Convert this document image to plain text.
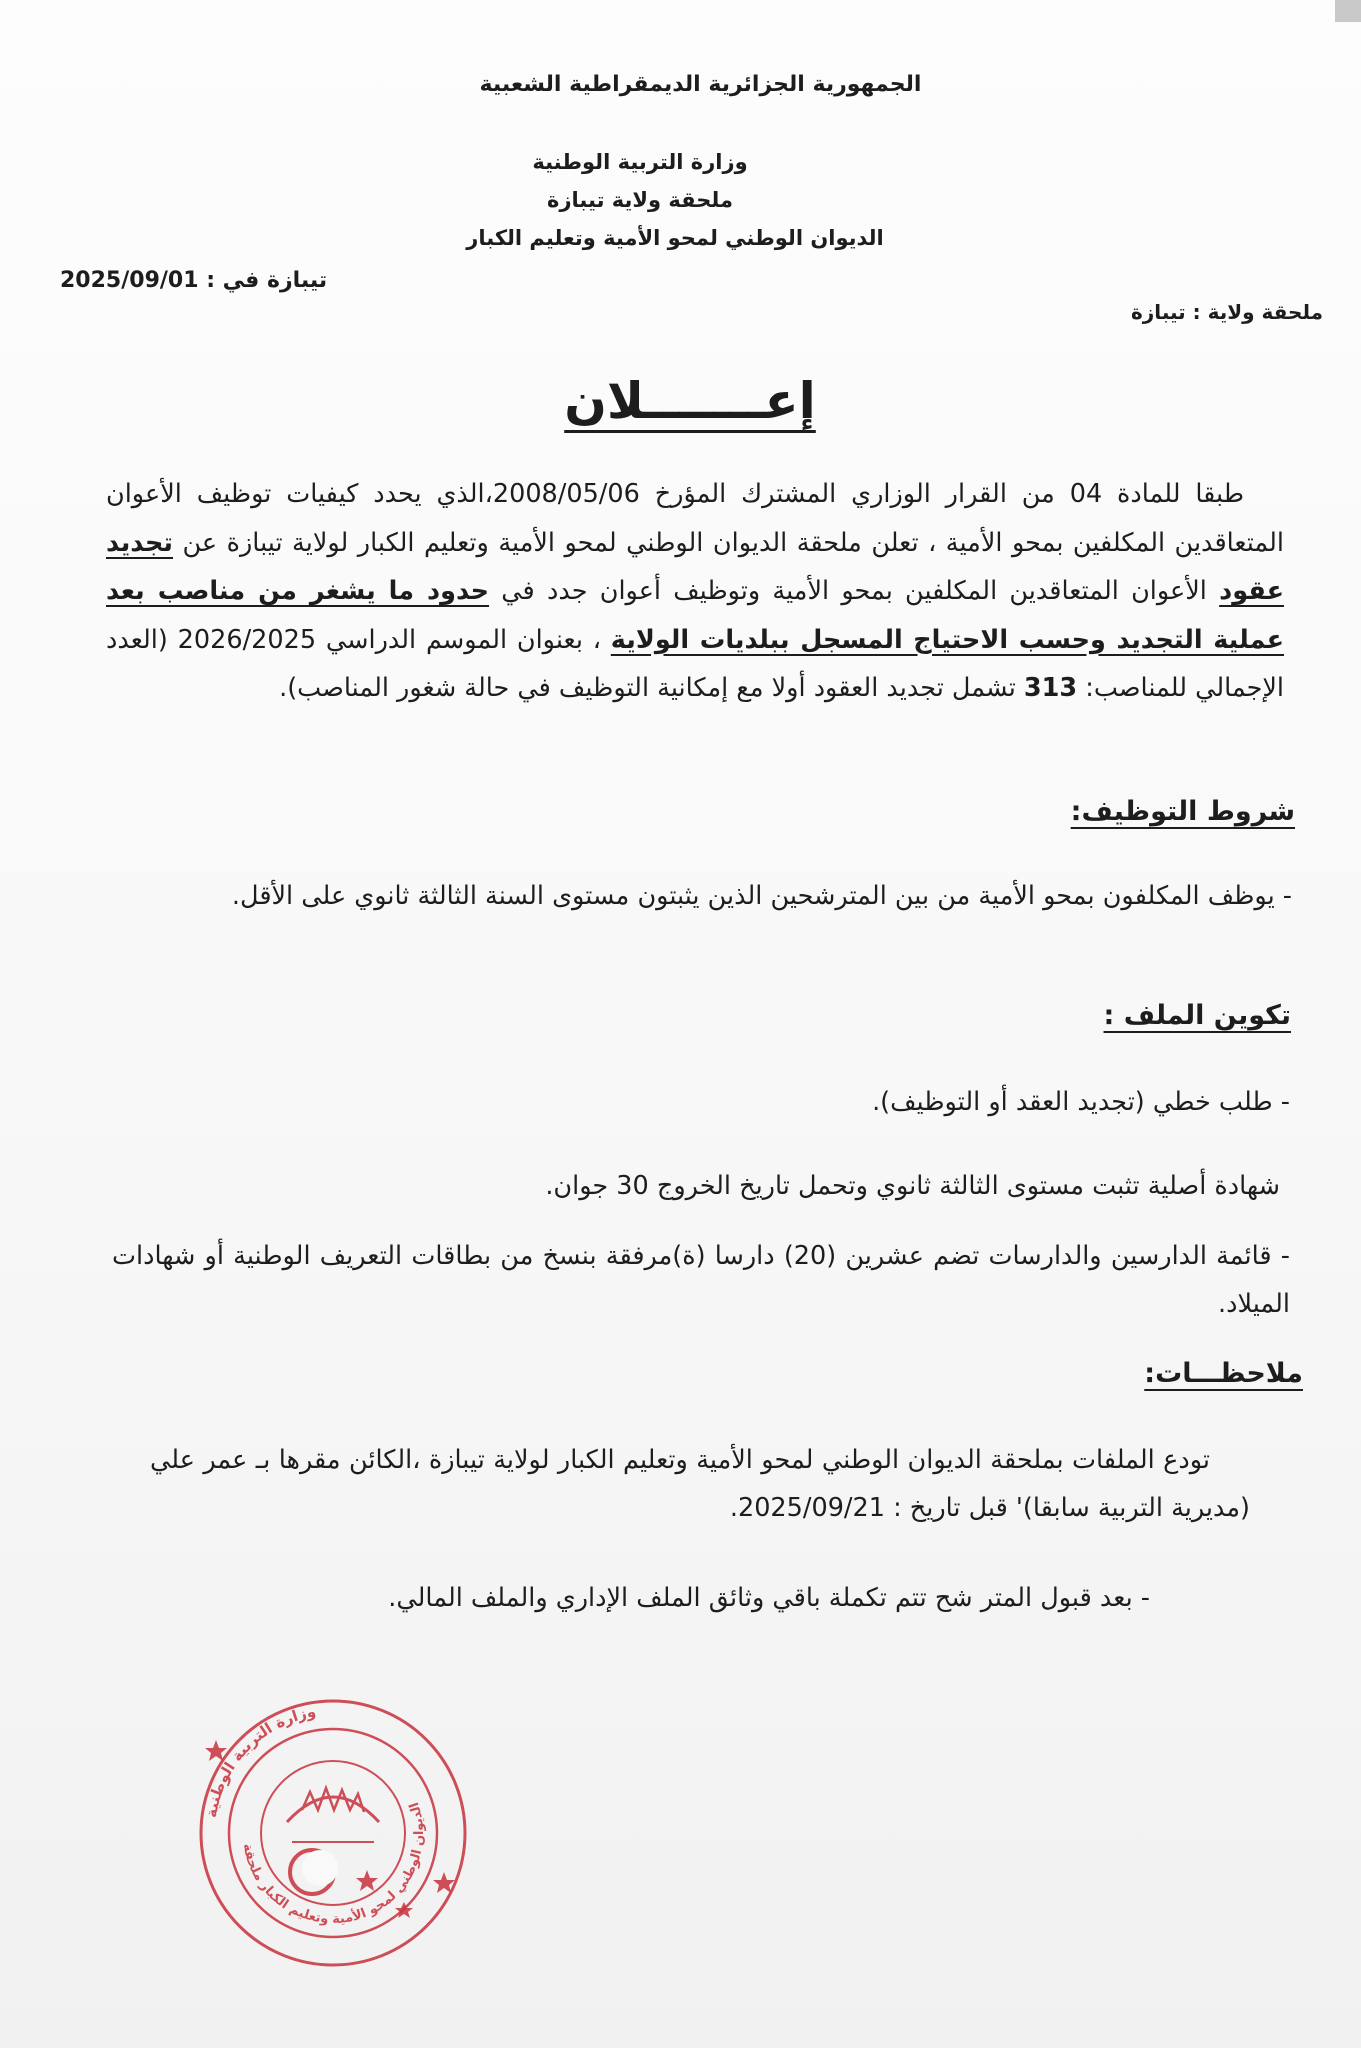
الجمهورية الجزائرية الديمقراطية الشعبية
وزارة التربية الوطنية
ملحقة ولاية تيبازة
الديوان الوطني لمحو الأمية وتعليم الكبار
تيبازة في : 2025/09/01
ملحقة ولاية : تيبازة
إعـــــــلان
طبقا للمادة 04 من القرار الوزاري المشترك المؤرخ 2008/05/06،الذي يحدد كيفيات توظيف الأعوان المتعاقدين المكلفين بمحو الأمية ، تعلن ملحقة الديوان الوطني لمحو الأمية وتعليم الكبار لولاية تيبازة عن تجديد عقود الأعوان المتعاقدين المكلفين بمحو الأمية وتوظيف أعوان جدد في حدود ما يشغر من مناصب بعد عملية التجديد وحسب الاحتياج المسجل ببلديات الولاية ، بعنوان الموسم الدراسي 2026/2025 (العدد الإجمالي للمناصب: 313 تشمل تجديد العقود أولا مع إمكانية التوظيف في حالة شغور المناصب).
شروط التوظيف:
- يوظف المكلفون بمحو الأمية من بين المترشحين الذين يثبتون مستوى السنة الثالثة ثانوي على الأقل.
تكوين الملف :
- طلب خطي (تجديد العقد أو التوظيف).
شهادة أصلية تثبت مستوى الثالثة ثانوي وتحمل تاريخ الخروج 30 جوان.
- قائمة الدارسين والدارسات تضم عشرين (20) دارسا (ة)مرفقة بنسخ من بطاقات التعريف الوطنية أو شهادات الميلاد.
ملاحظـــات:
تودع الملفات بملحقة الديوان الوطني لمحو الأمية وتعليم الكبار لولاية تيبازة ،الكائن مقرها بـ عمر علي (مديرية التربية سابقا)' قبل تاريخ : 2025/09/21.
- بعد قبول المتر شح تتم تكملة باقي وثائق الملف الإداري والملف المالي.
وزارة التربية الوطنية
الديوان الوطني لمحو الأمية وتعليم الكبار ملحقة
